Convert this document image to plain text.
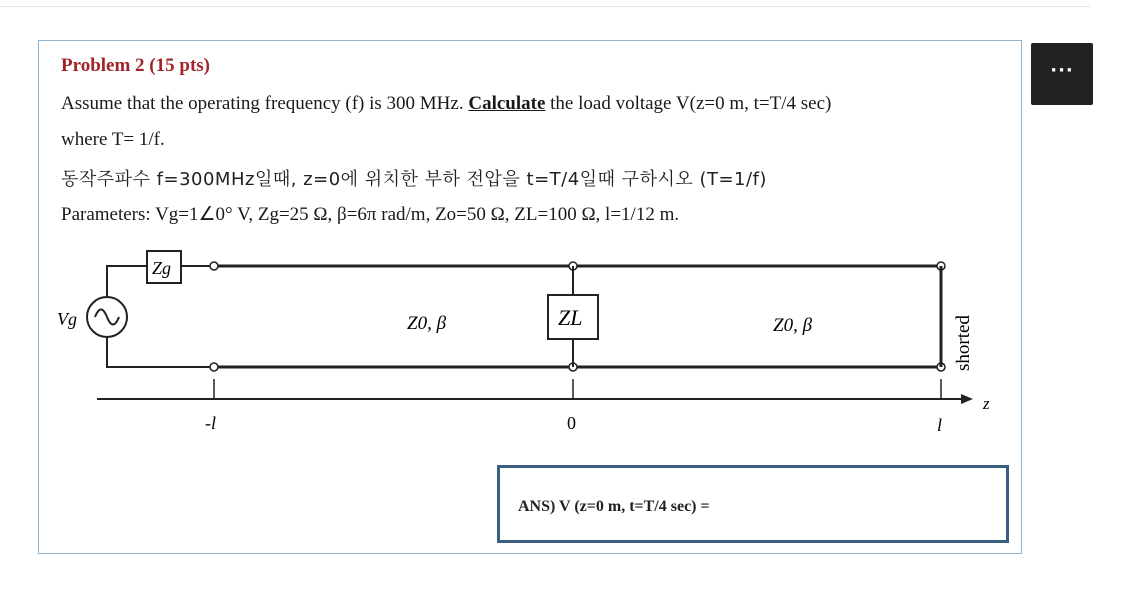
Problem 2 (15 pts)
Assume that the operating frequency (f) is 300 MHz. Calculate the load voltage V(z=0 m, t=T/4 sec)
where T= 1/f.
동작주파수 f=300MHz일때, z=0에 위치한 부하 전압을 t=T/4일때 구하시오 (T=1/f)
Parameters: Vg=1∠0° V, Zg=25 Ω, β=6π rad/m, Zo=50 Ω, ZL=100 Ω, l=1/12 m.
Zg
Vg	ZL
Z0, β	Z0, β	shorted
z
-l	0	l
ANS) V (z=0 m, t=T/4 sec) =
···
